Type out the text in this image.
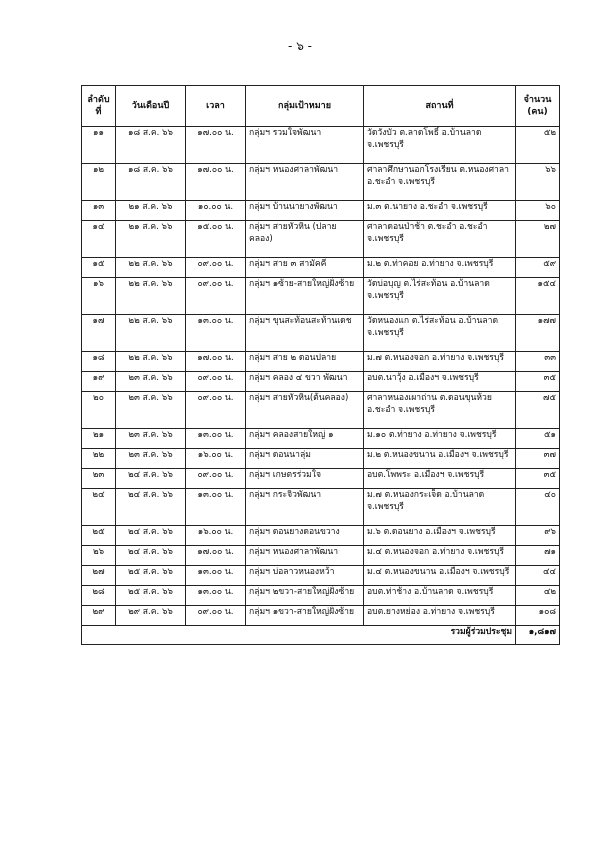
- ๖ -
ลำดับ
ที่	วันเดือนปี	เวลา	กลุ่มเป้าหมาย	สถานที่	จำนวน
(คน)
๑๑	๑๘ ส.ค. ๖๖	๑๗.๐๐ น.	กลุ่มฯ รวมใจพัฒนา	วัดวังบัว ต.ลาดโพธิ์ อ.บ้านลาด
จ.เพชรบุรี	๕๒
๑๒	๑๘ ส.ค. ๖๖	๑๗.๐๐ น.	กลุ่มฯ หนองศาลาพัฒนา	ศาลาศึกษานอกโรงเรียน ต.หนองศาลา
อ.ชะอำ จ.เพชรบุรี	๖๖
๑๓	๒๑ ส.ค. ๖๖	๑๐.๐๐ น.	กลุ่มฯ บ้านนายางพัฒนา	ม.๓ ต.นายาง อ.ชะอำ จ.เพชรบุรี	๖๐
๑๔	๒๑ ส.ค. ๖๖	๑๕.๐๐ น.	กลุ่มฯ สายหัวหิน (ปลาย
คลอง)	ศาลาดอนป่าช้า ต.ชะอำ อ.ชะอำ
จ.เพชรบุรี	๒๗
๑๕	๒๒ ส.ค. ๖๖	๐๙.๐๐ น.	กลุ่มฯ สาย ๓ สามัคคี	ม.๒ ต.ท่าคอย อ.ท่ายาง จ.เพชรบุรี	๕๙
๑๖	๒๒ ส.ค. ๖๖	๐๙.๐๐ น.	กลุ่มฯ ๑ซ้าย-สายใหญ่ฝั่งซ้าย	วัดบ่อบุญ ต.ไร่สะท้อน อ.บ้านลาด
จ.เพชรบุรี	๑๕๔
๑๗	๒๒ ส.ค. ๖๖	๑๓.๐๐ น.	กลุ่มฯ ขุนสะท้อนสะท้านเดช	วัดหนองแก ต.ไร่สะท้อน อ.บ้านลาด
จ.เพชรบุรี	๑๗๗
๑๘	๒๒ ส.ค. ๖๖	๑๗.๐๐ น.	กลุ่มฯ สาย ๒ ดอนปลาย	ม.๗ ต.หนองจอก อ.ท่ายาง จ.เพชรบุรี	๓๓
๑๙	๒๓ ส.ค. ๖๖	๐๙.๐๐ น.	กลุ่มฯ คลอง ๔ ขวา พัฒนา	อบต.นาวุ้ง อ.เมืองฯ จ.เพชรบุรี	๓๕
๒๐	๒๓ ส.ค. ๖๖	๐๙.๐๐ น.	กลุ่มฯ สายหัวหิน(ต้นคลอง)	ศาลาหนองเผาถ่าน ต.ดอนขุนห้วย
อ.ชะอำ จ.เพชรบุรี	๗๕
๒๑	๒๓ ส.ค. ๖๖	๑๓.๐๐ น.	กลุ่มฯ คลองสายใหญ่ ๑	ม.๑๐ ต.ท่ายาง อ.ท่ายาง จ.เพชรบุรี	๕๑
๒๒	๒๓ ส.ค. ๖๖	๑๖.๐๐ น.	กลุ่มฯ ดอนนาลุ่ม	ม.๒ ต.หนองขนาน อ.เมืองฯ จ.เพชรบุรี	๓๗
๒๓	๒๔ ส.ค. ๖๖	๐๙.๐๐ น.	กลุ่มฯ เกษตรร่วมใจ	อบต.โพพระ อ.เมืองฯ จ.เพชรบุรี	๓๕
๒๔	๒๔ ส.ค. ๖๖	๑๓.๐๐ น.	กลุ่มฯ กระจิวพัฒนา	ม.๗ ต.หนองกระเจ็ด อ.บ้านลาด
จ.เพชรบุรี	๔๐
๒๕	๒๔ ส.ค. ๖๖	๑๖.๐๐ น.	กลุ่มฯ ดอนยางดอนขวาง	ม.๖ ต.ดอนยาง อ.เมืองฯ จ.เพชรบุรี	๙๖
๒๖	๒๔ ส.ค. ๖๖	๑๗.๐๐ น.	กลุ่มฯ หนองศาลาพัฒนา	ม.๔ ต.หนองจอก อ.ท่ายาง จ.เพชรบุรี	๗๑
๒๗	๒๕ ส.ค. ๖๖	๑๓.๐๐ น.	กลุ่มฯ บ่อลาวหนองหว้า	ม.๔ ต.หนองขนาน อ.เมืองฯ จ.เพชรบุรี	๔๔
๒๘	๒๕ ส.ค. ๖๖	๑๓.๐๐ น.	กลุ่มฯ ๒ขวา-สายใหญ่ฝั่งซ้าย	อบต.ท่าช้าง อ.บ้านลาด จ.เพชรบุรี	๔๒
๒๙	๒๙ ส.ค. ๖๖	๐๙.๐๐ น.	กลุ่มฯ ๑ขวา-สายใหญ่ฝั่งซ้าย	อบต.ยางหย่อง อ.ท่ายาง จ.เพชรบุรี	๑๐๘
รวมผู้ร่วมประชุม					๑,๘๑๗
